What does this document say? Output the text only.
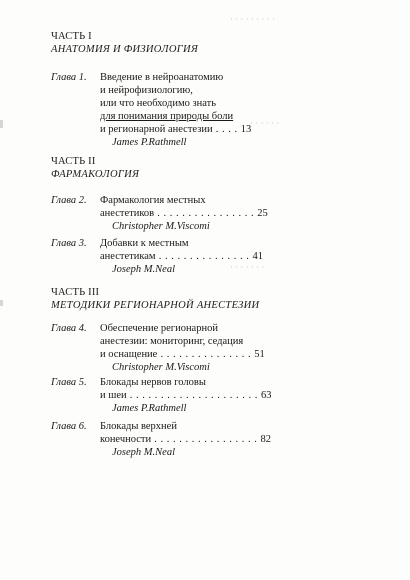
· · · · · · · · ·
· · · · · ·
· · · · · · ·
ЧАСТЬ I
АНАТОМИЯ И ФИЗИОЛОГИЯ
Глава 1. Введение в нейроанатомию
и нейрофизиологию,
или что необходимо знать
для понимания природы боли
и регионарной анестезии . . . . 13
James P.Rathmell
ЧАСТЬ II
ФАРМАКОЛОГИЯ
Глава 2. Фармакология местных
анестетиков . . . . . . . . . . . . . . . . 25
Christopher M.Viscomi
Глава 3. Добавки к местным
анестетикам . . . . . . . . . . . . . . . 41
Joseph M.Neal
ЧАСТЬ III
МЕТОДИКИ РЕГИОНАРНОЙ АНЕСТЕЗИИ
Глава 4. Обеспечение регионарной
анестезии: мониторинг, седация
и оснащение . . . . . . . . . . . . . . . 51
Christopher M.Viscomi
Глава 5. Блокады нервов головы
и шеи . . . . . . . . . . . . . . . . . . . . . 63
James P.Rathmell
Глава 6. Блокады верхней
конечности . . . . . . . . . . . . . . . . . 82
Joseph M.Neal
